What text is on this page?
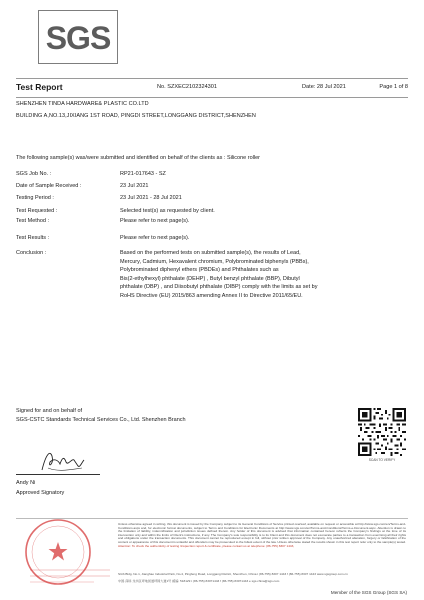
SGS
Test Report	No. SZXEC2102324301	Date: 28 Jul 2021	Page 1 of 8
SHENZHEN TINDA HARDWARE& PLASTIC CO.LTD
BUILDING A,NO.13,JIXIANG 1ST ROAD, PINGDI STREET,LONGGANG DISTRICT,SHENZHEN
The following sample(s) was/were submitted and identified on behalf of the clients as : Silicone roller
SGS Job No. :	RP21-017643 - SZ
Date of Sample Received :	23 Jul 2021
Testing Period :	23 Jul 2021 - 28 Jul 2021
Test Requested :	Selected test(s) as requested by client.
Test Method :	Please refer to next page(s).
Test Results :	Please refer to next page(s).
Conclusion :	Based on the performed tests on submitted sample(s), the results of Lead,
Mercury, Cadmium, Hexavalent chromium, Polybrominated biphenyls (PBBs),
Polybrominated diphenyl ethers (PBDEs) and Phthalates such as
Bis(2-ethylhexyl) phthalate (DEHP) , Butyl benzyl phthalate (BBP), Dibutyl
phthalate (DBP) , and Diisobutyl phthalate (DIBP) comply with the limits as set by
RoHS Directive (EU) 2015/863 amending Annex II to Directive 2011/65/EU.
Signed for and on behalf of
SGS-CSTC Standards Technical Services Co., Ltd. Shenzhen Branch
Andy Ni
Approved Signatory
SCAN TO VERIFY
Unless otherwise agreed in writing, this document is issued by the Company subject to its General Conditions of Service printed overleaf, available on request or accessible at http://www.sgs.com/en/Terms-and-Conditions.aspx and, for electronic format documents, subject to Terms and Conditions for Electronic Documents at http://www.sgs.com/en/Terms-and-Conditions/Terms-e-Document.aspx. Attention is drawn to the limitation of liability, indemnification and jurisdiction issues defined therein. Any holder of this document is advised that information contained hereon reflects the Company's findings at the time of its intervention only and within the limits of Client's instructions, if any. The Company's sole responsibility is to its Client and this document does not exonerate parties to a transaction from exercising all their rights and obligations under the transaction documents. This document cannot be reproduced except in full, without prior written approval of the Company. Any unauthorized alteration, forgery or falsification of the content or appearance of this document is unlawful and offenders may be prosecuted to the fullest extent of the law. Unless otherwise stated the results shown in this test report refer only to the sample(s) tested. Attention: To check the authenticity of testing /inspection report & certificate, please contact us at telephone: (86-755) 8307 1443,
SGS Bldg. No.1, Jianghao Industrial Park, No.4, Pingfeng Road, Longgang District, Shenzhen, China t (86-755) 8307 1443 f (86-755) 8307 1443 www.sgsgroup.com.cn
中国·深圳·龙岗区坪地街道坪锦大道1号 邮编: 518129 t (86-755) 83071443 f (86-755) 83071443 e sgs.china@sgs.com
Member of the SGS Group (SGS SA)
